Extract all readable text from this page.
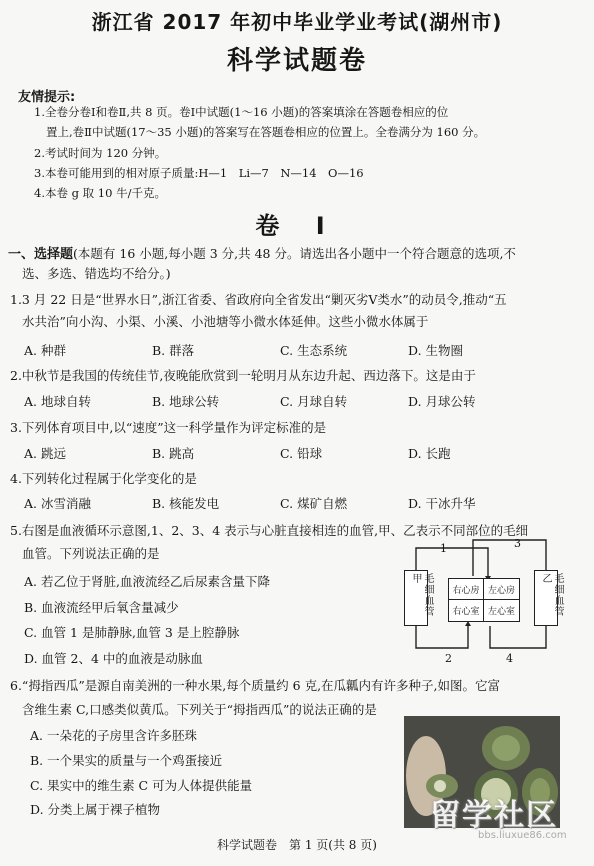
浙江省 2017 年初中毕业学业考试(湖州市)
科学试题卷
友情提示:
1.全卷分卷Ⅰ和卷Ⅱ,共 8 页。卷Ⅰ中试题(1～16 小题)的答案填涂在答题卷相应的位
置上,卷Ⅱ中试题(17～35 小题)的答案写在答题卷相应的位置上。全卷满分为 160 分。
2.考试时间为 120 分钟。
3.本卷可能用到的相对原子质量:H—1　Li—7　N—14　O—16
4.本卷 g 取 10 牛/千克。
卷 Ⅰ
一、选择题(本题有 16 小题,每小题 3 分,共 48 分。请选出各小题中一个符合题意的选项,不
选、多选、错选均不给分。)
1.3 月 22 日是“世界水日”,浙江省委、省政府向全省发出“剿灭劣Ⅴ类水”的动员令,推动“五
水共治”向小沟、小渠、小溪、小池塘等小微水体延伸。这些小微水体属于
A. 种群	B. 群落	C. 生态系统	D. 生物圈
2.中秋节是我国的传统佳节,夜晚能欣赏到一轮明月从东边升起、西边落下。这是由于
A. 地球自转	B. 地球公转	C. 月球自转	D. 月球公转
3.下列体育项目中,以“速度”这一科学量作为评定标准的是
A. 跳远	B. 跳高	C. 铅球	D. 长跑
4.下列转化过程属于化学变化的是
A. 冰雪消融	B. 核能发电	C. 煤矿自燃	D. 干冰升华
5.右图是血液循环示意图,1、2、3、4 表示与心脏直接相连的血管,甲、乙表示不同部位的毛细
血管。下列说法正确的是
A. 若乙位于肾脏,血液流经乙后尿素含量下降
B. 血液流经甲后氧含量减少
C. 血管 1 是肺静脉,血管 3 是上腔静脉
D. 血管 2、4 中的血液是动脉血
1
2
3
4
毛细血管甲	毛细血管乙
右心房 左心房
右心室 左心室
6.“拇指西瓜”是源自南美洲的一种水果,每个质量约 6 克,在瓜瓤内有许多种子,如图。它富
含维生素 C,口感类似黄瓜。下列关于“拇指西瓜”的说法正确的是
A. 一朵花的子房里含许多胚珠
B. 一个果实的质量与一个鸡蛋接近
C. 果实中的维生素 C 可为人体提供能量
D. 分类上属于裸子植物
科学试题卷　第 1 页(共 8 页)
留学社区
bbs.liuxue86.com
